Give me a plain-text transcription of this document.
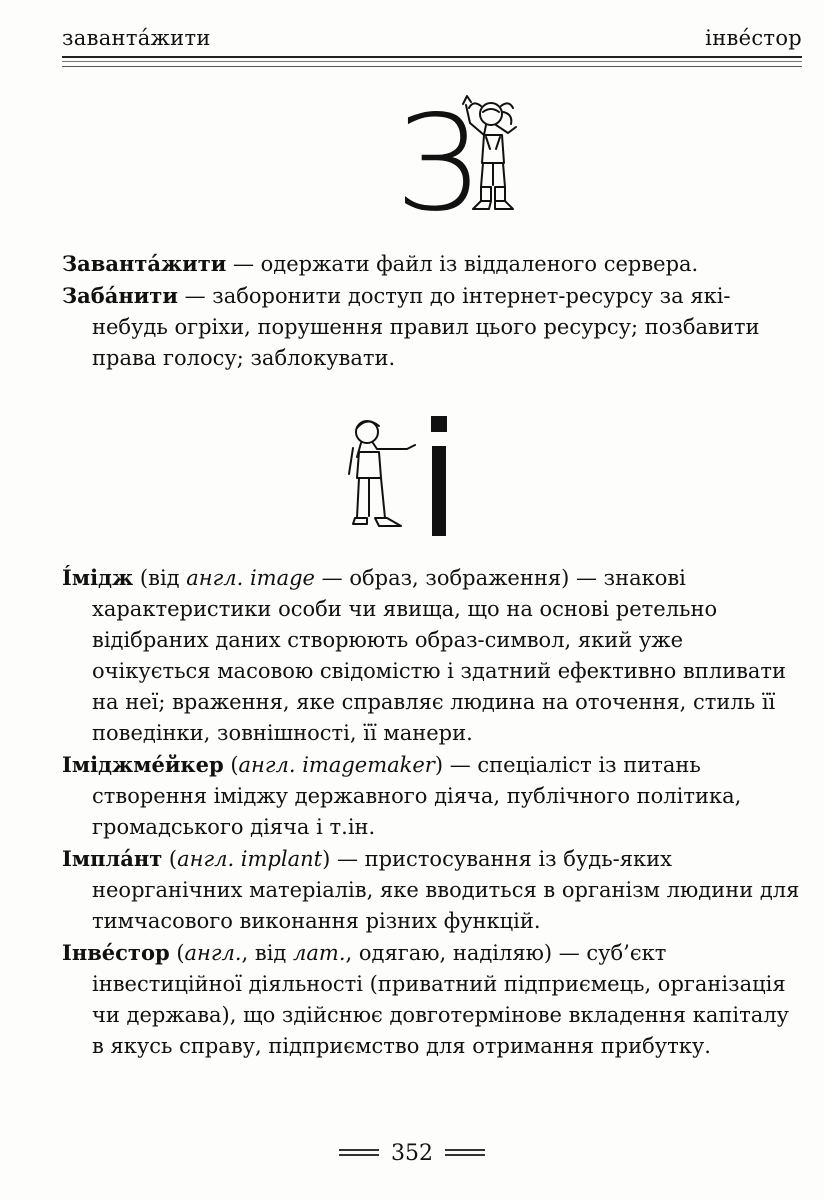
завантáжити	інвéстор
З

Завантáжити — одержати файл із віддаленого сервера.

Забáнити — заборонити доступ до інтернет-ресурсу за які-небудь огріхи, порушення правил цього ресурсу; позбавити права голосу; заблокувати.

Íмідж (від англ. image — образ, зображення) — знакові характеристики особи чи явища, що на основі ретельно відібраних даних створюють образ-символ, який уже очікується масовою свідомістю і здатний ефективно впливати на неї; враження, яке справляє людина на оточення, стиль її поведінки, зовнішності, її манери.

Іміджмéйкер (англ. imagemaker) — спеціаліст із питань створення іміджу державного діяча, публічного політика, громадського діяча і т.ін.

Імплáнт (англ. implant) — пристосування із будь-яких неорганічних матеріалів, яке вводиться в організм людини для тимчасового виконання різних функцій.

Інвéстор (англ., від лат., одягаю, наділяю) — суб’єкт інвестиційної діяльності (приватний підприємець, організація чи держава), що здійснює довготермінове вкладення капіталу в якусь справу, підприємство для отримання прибутку.

352
